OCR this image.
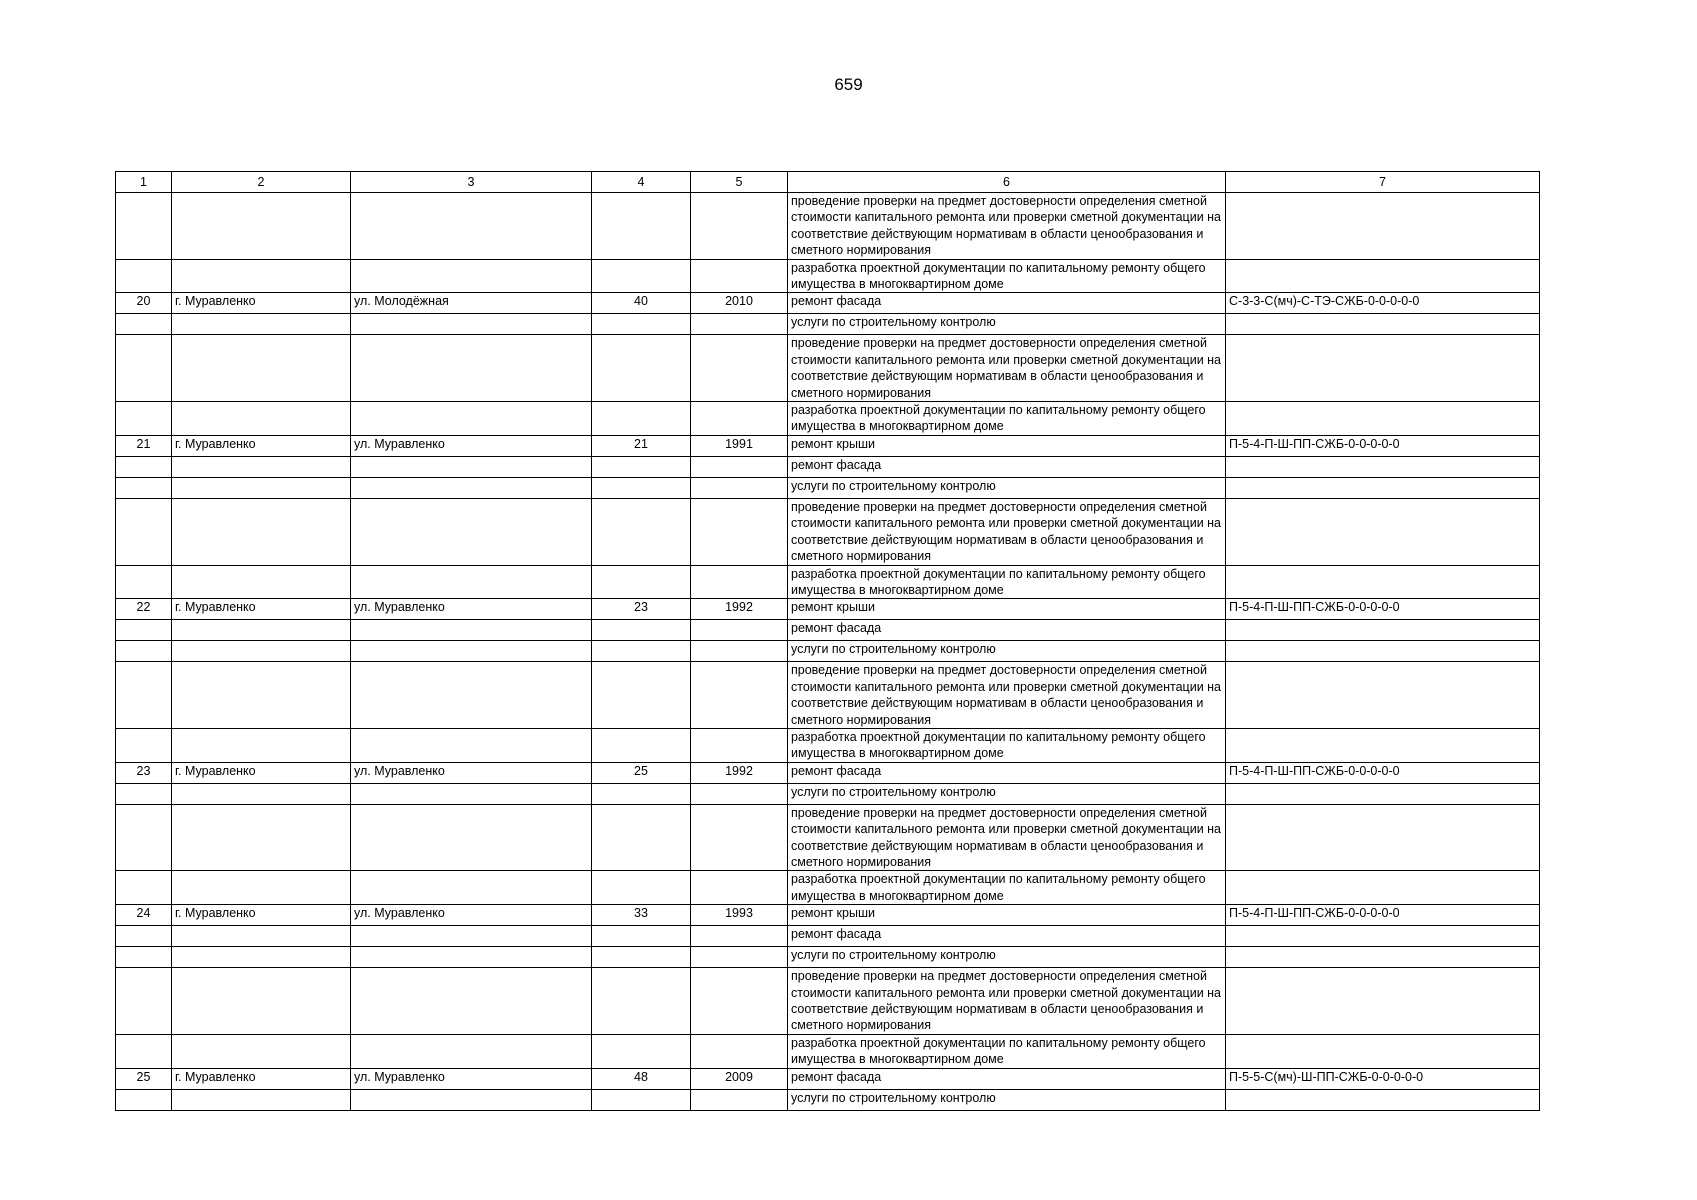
659
1	2	3	4	5	6	7
					проведение проверки на предмет достоверности определения сметной стоимости капитального ремонта или проверки сметной документации на соответствие действующим нормативам в области ценообразования и сметного нормирования	
					разработка проектной документации по капитальному ремонту общего имущества в многоквартирном доме	
20	г. Муравленко	ул. Молодёжная	40	2010	ремонт фасада	С-3-3-С(мч)-С-ТЭ-СЖБ-0-0-0-0-0
					услуги по строительному контролю	
					проведение проверки на предмет достоверности определения сметной стоимости капитального ремонта или проверки сметной документации на соответствие действующим нормативам в области ценообразования и сметного нормирования	
					разработка проектной документации по капитальному ремонту общего имущества в многоквартирном доме	
21	г. Муравленко	ул. Муравленко	21	1991	ремонт крыши	П-5-4-П-Ш-ПП-СЖБ-0-0-0-0-0
					ремонт фасада	
					услуги по строительному контролю	
					проведение проверки на предмет достоверности определения сметной стоимости капитального ремонта или проверки сметной документации на соответствие действующим нормативам в области ценообразования и сметного нормирования	
					разработка проектной документации по капитальному ремонту общего имущества в многоквартирном доме	
22	г. Муравленко	ул. Муравленко	23	1992	ремонт крыши	П-5-4-П-Ш-ПП-СЖБ-0-0-0-0-0
					ремонт фасада	
					услуги по строительному контролю	
					проведение проверки на предмет достоверности определения сметной стоимости капитального ремонта или проверки сметной документации на соответствие действующим нормативам в области ценообразования и сметного нормирования	
					разработка проектной документации по капитальному ремонту общего имущества в многоквартирном доме	
23	г. Муравленко	ул. Муравленко	25	1992	ремонт фасада	П-5-4-П-Ш-ПП-СЖБ-0-0-0-0-0
					услуги по строительному контролю	
					проведение проверки на предмет достоверности определения сметной стоимости капитального ремонта или проверки сметной документации на соответствие действующим нормативам в области ценообразования и сметного нормирования	
					разработка проектной документации по капитальному ремонту общего имущества в многоквартирном доме	
24	г. Муравленко	ул. Муравленко	33	1993	ремонт крыши	П-5-4-П-Ш-ПП-СЖБ-0-0-0-0-0
					ремонт фасада	
					услуги по строительному контролю	
					проведение проверки на предмет достоверности определения сметной стоимости капитального ремонта или проверки сметной документации на соответствие действующим нормативам в области ценообразования и сметного нормирования	
					разработка проектной документации по капитальному ремонту общего имущества в многоквартирном доме	
25	г. Муравленко	ул. Муравленко	48	2009	ремонт фасада	П-5-5-С(мч)-Ш-ПП-СЖБ-0-0-0-0-0
					услуги по строительному контролю	
